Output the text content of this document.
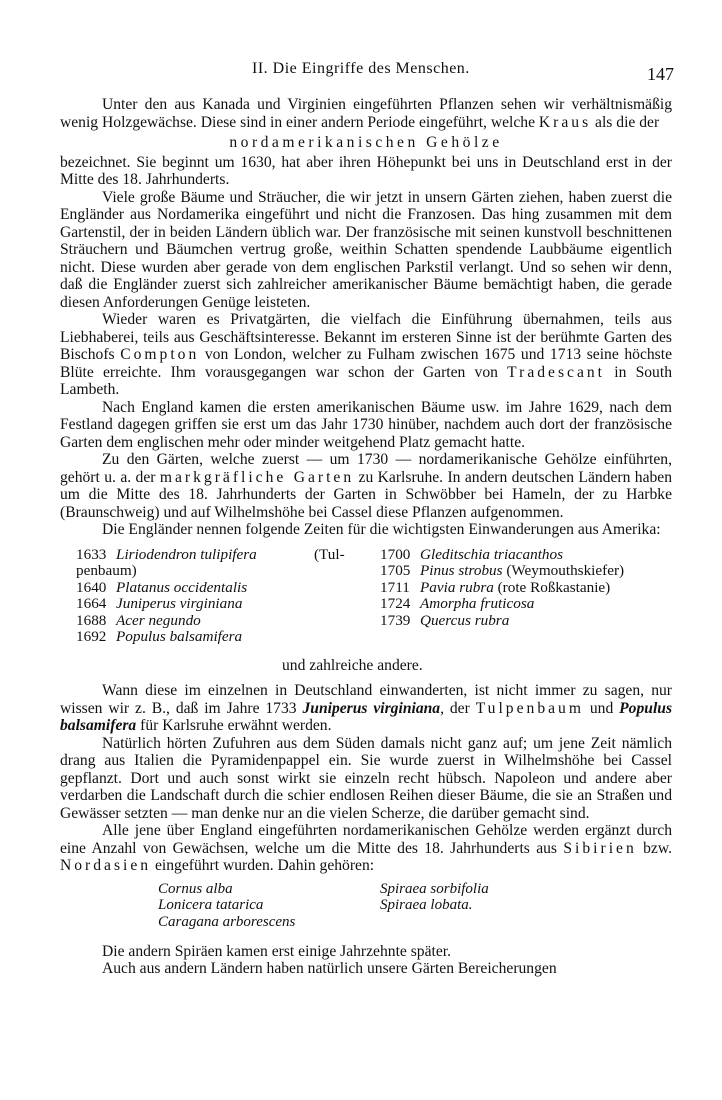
II. Die Eingriffe des Menschen.	147

Unter den aus Kanada und Virginien eingeführten Pflanzen sehen wir verhältnismäßig wenig Holzgewächse. Diese sind in einer andern Periode eingeführt, welche Kraus als die der

nordamerikanischen Gehölze

bezeichnet. Sie beginnt um 1630, hat aber ihren Höhepunkt bei uns in Deutschland erst in der Mitte des 18. Jahrhunderts.

Viele große Bäume und Sträucher, die wir jetzt in unsern Gärten ziehen, haben zuerst die Engländer aus Nordamerika eingeführt und nicht die Franzosen. Das hing zusammen mit dem Gartenstil, der in beiden Ländern üblich war. Der französische mit seinen kunstvoll beschnittenen Sträuchern und Bäumchen vertrug große, weithin Schatten spendende Laubbäume eigentlich nicht. Diese wurden aber gerade von dem englischen Parkstil verlangt. Und so sehen wir denn, daß die Engländer zuerst sich zahlreicher amerikanischer Bäume bemächtigt haben, die gerade diesen Anforderungen Genüge leisteten.

Wieder waren es Privatgärten, die vielfach die Einführung übernahmen, teils aus Liebhaberei, teils aus Geschäftsinteresse. Bekannt im ersteren Sinne ist der berühmte Garten des Bischofs Compton von London, welcher zu Fulham zwischen 1675 und 1713 seine höchste Blüte erreichte. Ihm vorausgegangen war schon der Garten von Tradescant in South Lambeth.

Nach England kamen die ersten amerikanischen Bäume usw. im Jahre 1629, nach dem Festland dagegen griffen sie erst um das Jahr 1730 hinüber, nachdem auch dort der französische Garten dem englischen mehr oder minder weitgehend Platz gemacht hatte.

Zu den Gärten, welche zuerst — um 1730 — nordamerikanische Gehölze einführten, gehört u. a. der markgräfliche Garten zu Karlsruhe. In andern deutschen Ländern haben um die Mitte des 18. Jahrhunderts der Garten in Schwöbber bei Hameln, der zu Harbke (Braunschweig) und auf Wilhelmshöhe bei Cassel diese Pflanzen aufgenommen.

Die Engländer nennen folgende Zeiten für die wichtigsten Einwanderungen aus Amerika:

1633 Liriodendron tulipifera	(Tul-
penbaum)
1640 Platanus occidentalis
1664 Juniperus virginiana
1688 Acer negundo
1692 Populus balsamifera
1700 Gleditschia triacanthos
1705 Pinus strobus (Weymouthskiefer)
1711 Pavia rubra (rote Roßkastanie)
1724 Amorpha fruticosa
1739 Quercus rubra

und zahlreiche andere.

Wann diese im einzelnen in Deutschland einwanderten, ist nicht immer zu sagen, nur wissen wir z. B., daß im Jahre 1733 Juniperus virginiana, der Tulpenbaum und Populus balsamifera für Karlsruhe erwähnt werden.

Natürlich hörten Zufuhren aus dem Süden damals nicht ganz auf; um jene Zeit nämlich drang aus Italien die Pyramidenpappel ein. Sie wurde zuerst in Wilhelmshöhe bei Cassel gepflanzt. Dort und auch sonst wirkt sie einzeln recht hübsch. Napoleon und andere aber verdarben die Landschaft durch die schier endlosen Reihen dieser Bäume, die sie an Straßen und Gewässer setzten — man denke nur an die vielen Scherze, die darüber gemacht sind.

Alle jene über England eingeführten nordamerikanischen Gehölze werden ergänzt durch eine Anzahl von Gewächsen, welche um die Mitte des 18. Jahrhunderts aus Sibirien bzw. Nordasien eingeführt wurden. Dahin gehören:

Cornus alba
Lonicera tatarica
Caragana arborescens
Spiraea sorbifolia
Spiraea lobata.

Die andern Spiräen kamen erst einige Jahrzehnte später.

Auch aus andern Ländern haben natürlich unsere Gärten Bereicherungen
